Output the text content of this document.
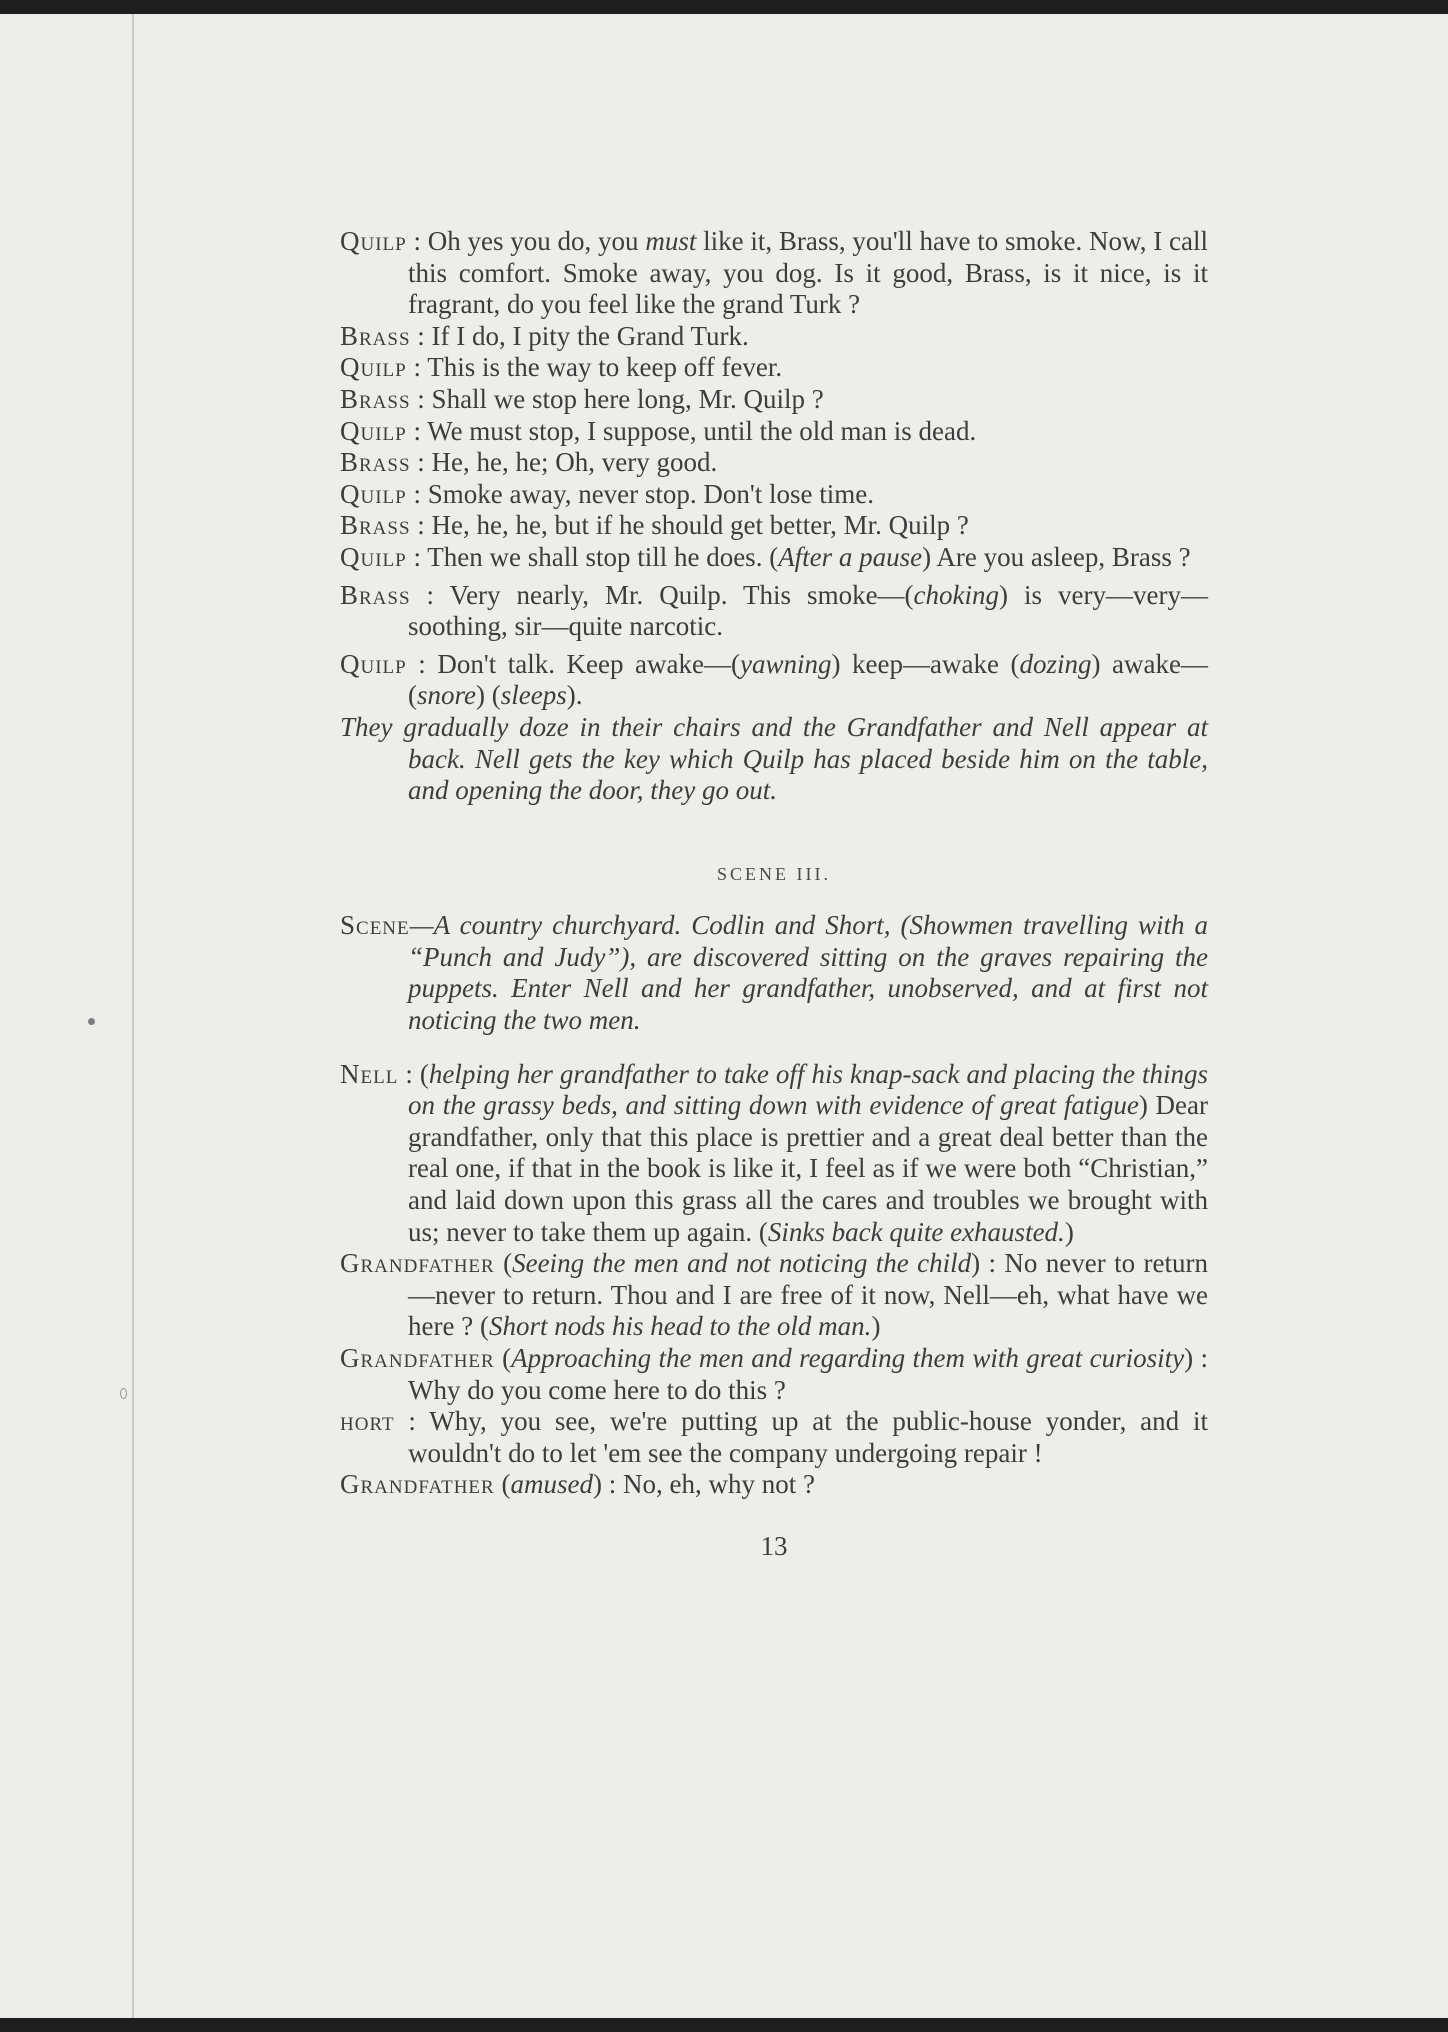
Quilp : Oh yes you do, you must like it, Brass, you'll have to smoke. Now, I call this comfort. Smoke away, you dog. Is it good, Brass, is it nice, is it fragrant, do you feel like the grand Turk ?

Brass : If I do, I pity the Grand Turk.

Quilp : This is the way to keep off fever.

Brass : Shall we stop here long, Mr. Quilp ?

Quilp : We must stop, I suppose, until the old man is dead.

Brass : He, he, he; Oh, very good.

Quilp : Smoke away, never stop. Don't lose time.

Brass : He, he, he, but if he should get better, Mr. Quilp ?

Quilp : Then we shall stop till he does. (After a pause) Are you asleep, Brass ?

Brass : Very nearly, Mr. Quilp. This smoke—(choking) is very—very—soothing, sir—quite narcotic.

Quilp : Don't talk. Keep awake—(yawning) keep—awake (dozing) awake—(snore) (sleeps).

They gradually doze in their chairs and the Grandfather and Nell appear at back. Nell gets the key which Quilp has placed beside him on the table, and opening the door, they go out.

SCENE III.

Scene—A country churchyard. Codlin and Short, (Showmen travelling with a “Punch and Judy”), are discovered sitting on the graves repairing the puppets. Enter Nell and her grandfather, unobserved, and at first not noticing the two men.

Nell : (helping her grandfather to take off his knap-sack and placing the things on the grassy beds, and sitting down with evidence of great fatigue) Dear grandfather, only that this place is prettier and a great deal better than the real one, if that in the book is like it, I feel as if we were both “Christian,” and laid down upon this grass all the cares and troubles we brought with us; never to take them up again. (Sinks back quite exhausted.)

Grandfather (Seeing the men and not noticing the child) : No never to return—never to return. Thou and I are free of it now, Nell—eh, what have we here ? (Short nods his head to the old man.)

Grandfather (Approaching the men and regarding them with great curiosity) : Why do you come here to do this ?

hort : Why, you see, we're putting up at the public-house yonder, and it wouldn't do to let 'em see the company undergoing repair !

Grandfather (amused) : No, eh, why not ?

13
